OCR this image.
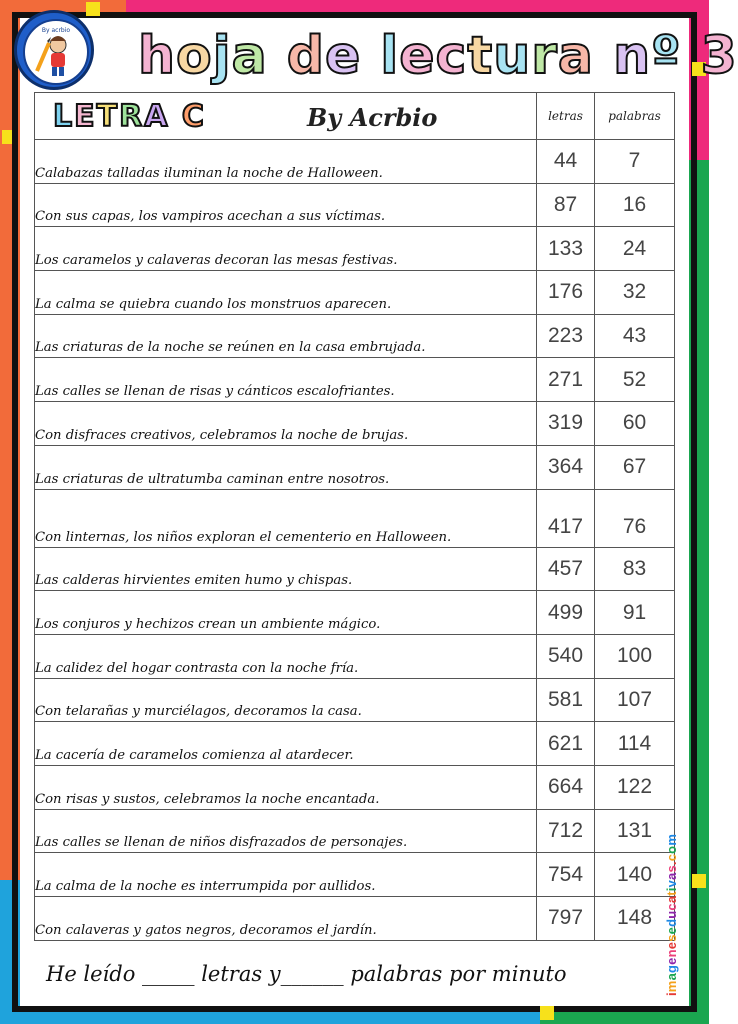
By acrbio	hoja de lectura nº 3
LETRA C By Acrbio	letras	palabras
Calabazas talladas iluminan la noche de Halloween.	44	7
Con sus capas, los vampiros acechan a sus víctimas.	87	16
Los caramelos y calaveras decoran las mesas festivas.	133	24
La calma se quiebra cuando los monstruos aparecen.	176	32
Las criaturas de la noche se reúnen en la casa embrujada.	223	43
Las calles se llenan de risas y cánticos escalofriantes.	271	52
Con disfraces creativos, celebramos la noche de brujas.	319	60
Las criaturas de ultratumba caminan entre nosotros.	364	67
Con linternas, los niños exploran el cementerio en Halloween.	417	76
Las calderas hirvientes emiten humo y chispas.	457	83
Los conjuros y hechizos crean un ambiente mágico.	499	91
La calidez del hogar contrasta con la noche fría.	540	100
Con telarañas y murciélagos, decoramos la casa.	581	107
La cacería de caramelos comienza al atardecer.	621	114
Con risas y sustos, celebramos la noche encantada.	664	122
Las calles se llenan de niños disfrazados de personajes.	712	131
La calma de la noche es interrumpida por aullidos.	754	140
Con calaveras y gatos negros, decoramos el jardín.	797	148
He leído _____ letras y______ palabras por minuto
imageneseducativas.com
